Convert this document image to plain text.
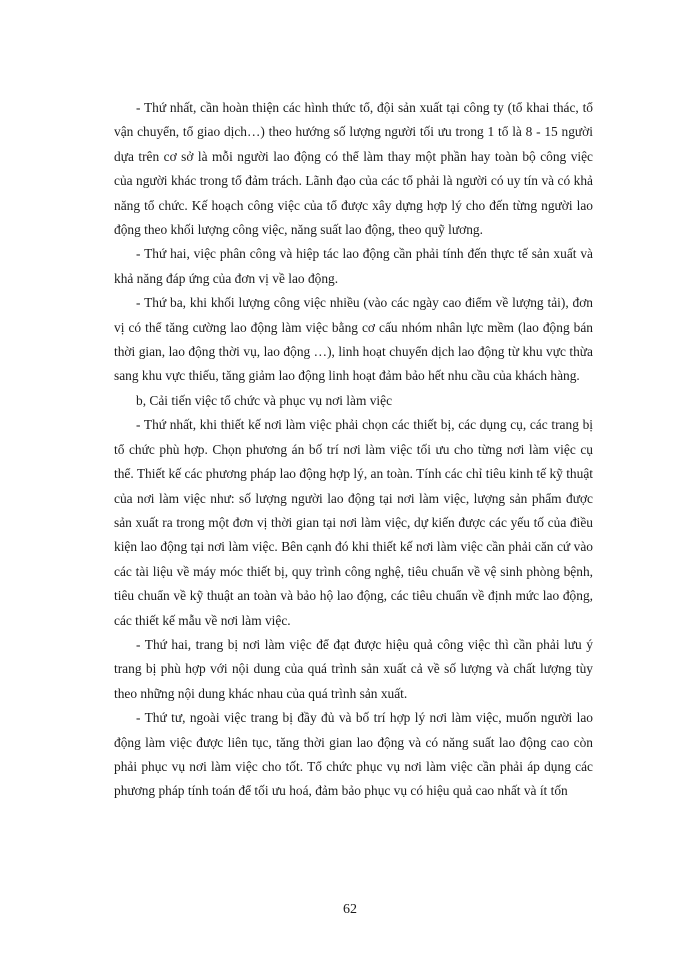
- Thứ nhất, cần hoàn thiện các hình thức tổ, đội sản xuất tại công ty (tổ khai thác, tổ vận chuyển, tổ giao dịch…) theo hướng số lượng người tối ưu trong 1 tổ là 8 - 15 người dựa trên cơ sở là mỗi người lao động có thể làm thay một phần hay toàn bộ công việc của người khác trong tổ đảm trách. Lãnh đạo của các tổ phải là người có uy tín và có khả năng tổ chức. Kế hoạch công việc của tổ được xây dựng hợp lý cho đến từng người lao động theo khối lượng công việc, năng suất lao động, theo quỹ lương.

- Thứ hai, việc phân công và hiệp tác lao động cần phải tính đến thực tế sản xuất và khả năng đáp ứng của đơn vị về lao động.

- Thứ ba, khi khối lượng công việc nhiều (vào các ngày cao điểm về lượng tải), đơn vị có thể tăng cường lao động làm việc bằng cơ cấu nhóm nhân lực mềm (lao động bán thời gian, lao động thời vụ, lao động …), linh hoạt chuyển dịch lao động từ khu vực thừa sang khu vực thiếu, tăng giảm lao động linh hoạt đảm bảo hết nhu cầu của khách hàng.

b, Cải tiến việc tổ chức và phục vụ nơi làm việc

- Thứ nhất, khi thiết kế nơi làm việc phải chọn các thiết bị, các dụng cụ, các trang bị tổ chức phù hợp. Chọn phương án bố trí nơi làm việc tối ưu cho từng nơi làm việc cụ thể. Thiết kế các phương pháp lao động hợp lý, an toàn. Tính các chỉ tiêu kinh tế kỹ thuật của nơi làm việc như: số lượng người lao động tại nơi làm việc, lượng sản phẩm được sản xuất ra trong một đơn vị thời gian tại nơi làm việc, dự kiến được các yếu tố của điều kiện lao động tại nơi làm việc. Bên cạnh đó khi thiết kế nơi làm việc cần phải căn cứ vào các tài liệu về máy móc thiết bị, quy trình công nghệ, tiêu chuẩn về vệ sinh phòng bệnh, tiêu chuẩn về kỹ thuật an toàn và bảo hộ lao động, các tiêu chuẩn về định mức lao động, các thiết kế mẫu về nơi làm việc.

- Thứ hai, trang bị nơi làm việc để đạt được hiệu quả công việc thì cần phải lưu ý trang bị phù hợp với nội dung của quá trình sản xuất cả về số lượng và chất lượng tùy theo những nội dung khác nhau của quá trình sản xuất.

- Thứ tư, ngoài việc trang bị đầy đủ và bố trí hợp lý nơi làm việc, muốn người lao động làm việc được liên tục, tăng thời gian lao động và có năng suất lao động cao còn phải phục vụ nơi làm việc cho tốt. Tổ chức phục vụ nơi làm việc cần phải áp dụng các phương pháp tính toán để tối ưu hoá, đảm bảo phục vụ có hiệu quả cao nhất và ít tốn

62
